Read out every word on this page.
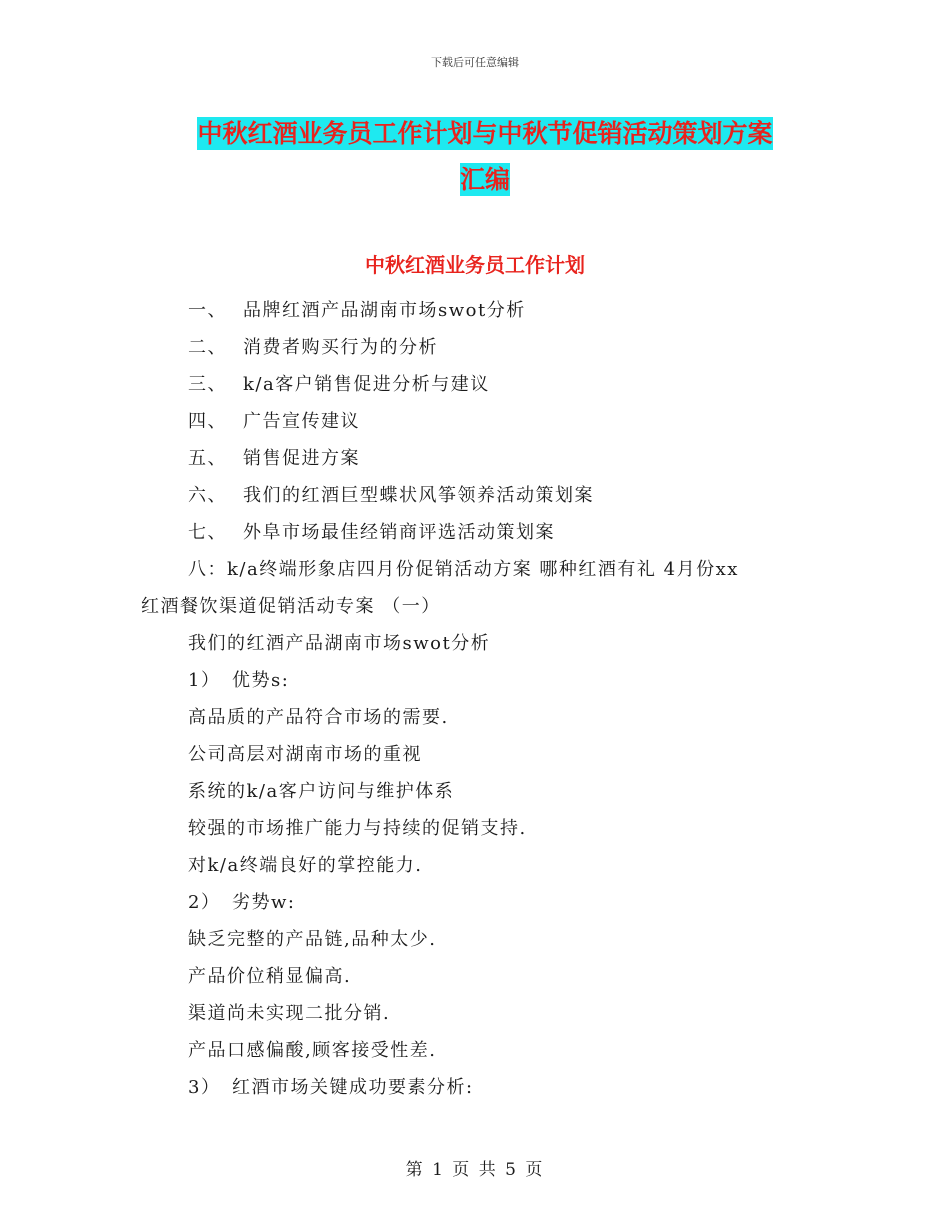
下载后可任意编辑
中秋红酒业务员工作计划与中秋节促销活动策划方案
汇编
中秋红酒业务员工作计划
一、 品牌红酒产品湖南市场swot分析
二、 消费者购买行为的分析
三、 k/a客户销售促进分析与建议
四、 广告宣传建议
五、 销售促进方案
六、 我们的红酒巨型蝶状风筝领养活动策划案
七、 外阜市场最佳经销商评选活动策划案
八：k/a终端形象店四月份促销活动方案 哪种红酒有礼 4月份xx
红酒餐饮渠道促销活动专案 （一）
我们的红酒产品湖南市场swot分析
1） 优势s:
高品质的产品符合市场的需要.
公司高层对湖南市场的重视
系统的k/a客户访问与维护体系
较强的市场推广能力与持续的促销支持.
对k/a终端良好的掌控能力.
2） 劣势w:
缺乏完整的产品链,品种太少.
产品价位稍显偏高.
渠道尚未实现二批分销.
产品口感偏酸,顾客接受性差.
3） 红酒市场关键成功要素分析:
第 1 页 共 5 页
